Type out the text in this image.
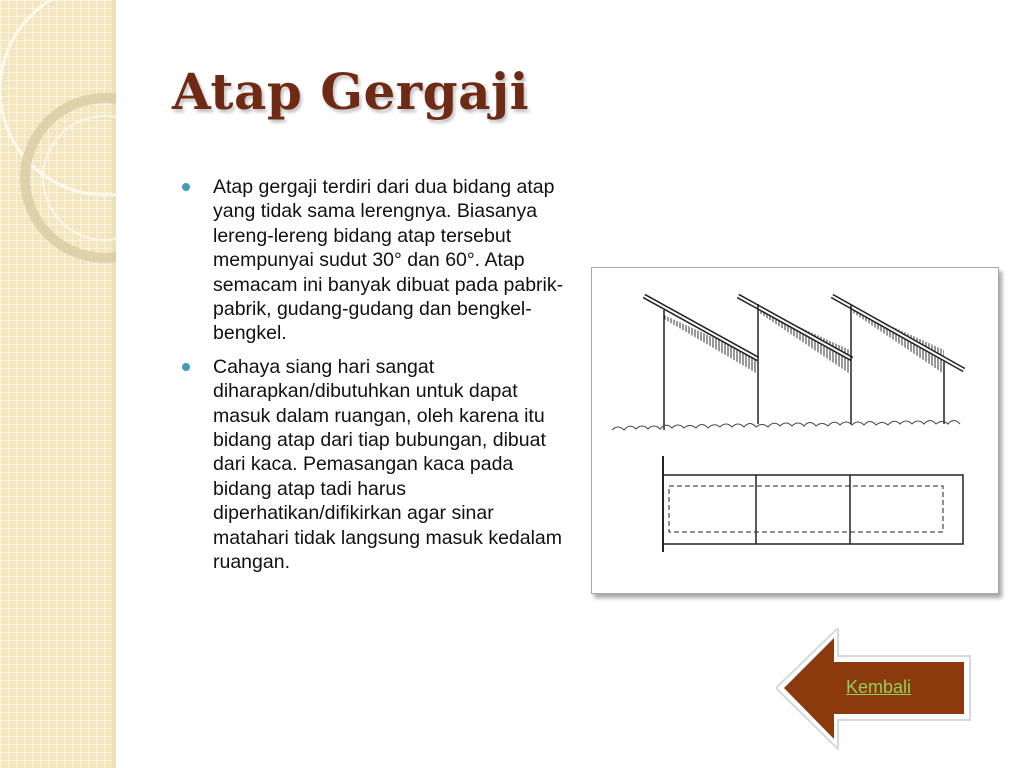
Atap Gergaji
Atap gergaji terdiri dari dua bidang atap yang tidak sama lerengnya. Biasanya lereng-lereng bidang atap tersebut mempunyai sudut 30° dan 60°. Atap semacam ini banyak dibuat pada pabrik-pabrik, gudang-gudang dan bengkel-bengkel.
Cahaya siang hari sangat diharapkan/dibutuhkan untuk dapat masuk dalam ruangan, oleh karena itu bidang atap dari tiap bubungan, dibuat dari kaca. Pemasangan kaca pada bidang atap tadi harus diperhatikan/difikirkan agar sinar matahari tidak langsung masuk kedalam ruangan.
Kembali
